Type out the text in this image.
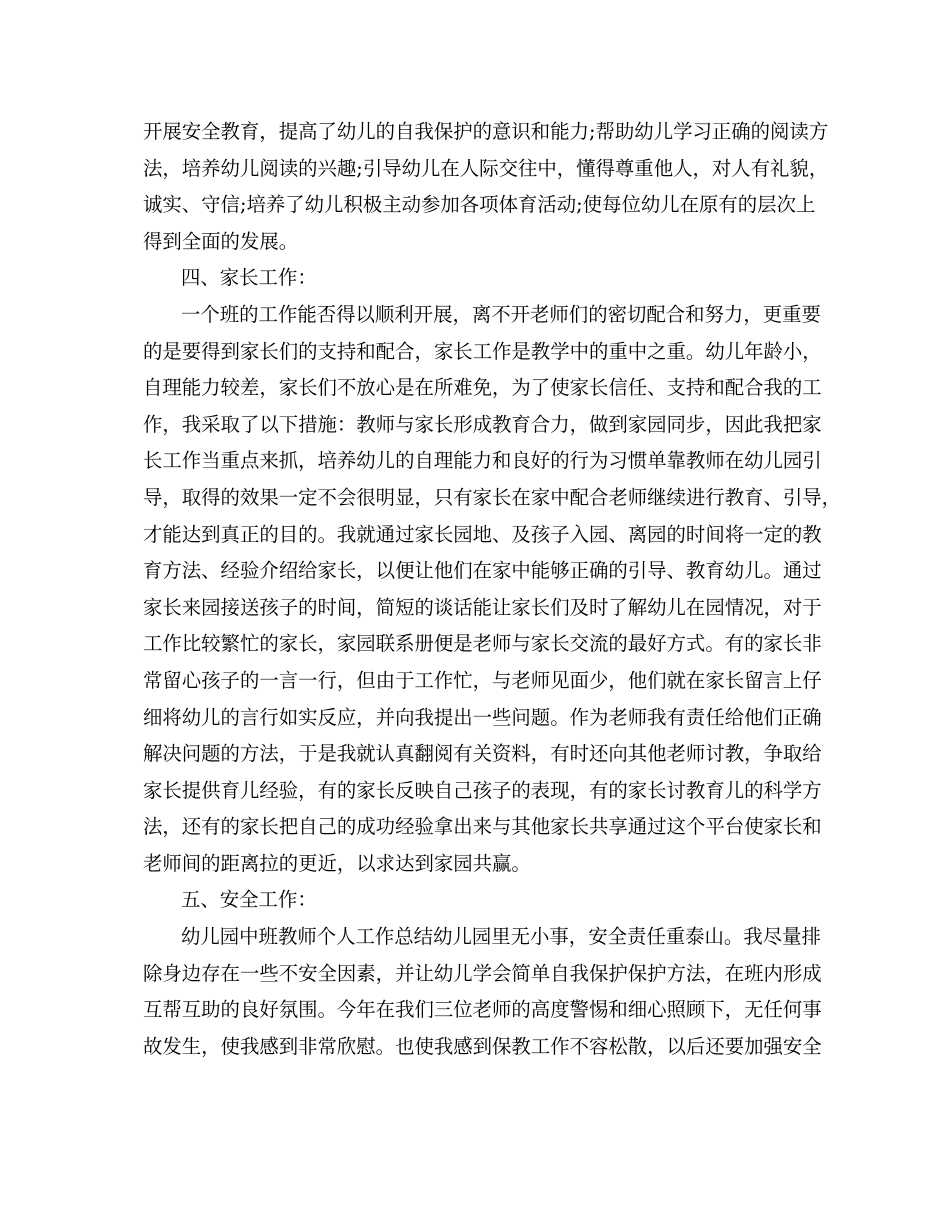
开展安全教育，提高了幼儿的自我保护的意识和能力;帮助幼儿学习正确的阅读方
法，培养幼儿阅读的兴趣;引导幼儿在人际交往中，懂得尊重他人，对人有礼貌，
诚实、守信;培养了幼儿积极主动参加各项体育活动;使每位幼儿在原有的层次上
得到全面的发展。
四、家长工作：
一个班的工作能否得以顺利开展，离不开老师们的密切配合和努力，更重要
的是要得到家长们的支持和配合，家长工作是教学中的重中之重。幼儿年龄小，
自理能力较差，家长们不放心是在所难免，为了使家长信任、支持和配合我的工
作，我采取了以下措施：教师与家长形成教育合力，做到家园同步，因此我把家
长工作当重点来抓，培养幼儿的自理能力和良好的行为习惯单靠教师在幼儿园引
导，取得的效果一定不会很明显，只有家长在家中配合老师继续进行教育、引导，
才能达到真正的目的。我就通过家长园地、及孩子入园、离园的时间将一定的教
育方法、经验介绍给家长，以便让他们在家中能够正确的引导、教育幼儿。通过
家长来园接送孩子的时间，简短的谈话能让家长们及时了解幼儿在园情况，对于
工作比较繁忙的家长，家园联系册便是老师与家长交流的最好方式。有的家长非
常留心孩子的一言一行，但由于工作忙，与老师见面少，他们就在家长留言上仔
细将幼儿的言行如实反应，并向我提出一些问题。作为老师我有责任给他们正确
解决问题的方法，于是我就认真翻阅有关资料，有时还向其他老师讨教，争取给
家长提供育儿经验，有的家长反映自己孩子的表现，有的家长讨教育儿的科学方
法，还有的家长把自己的成功经验拿出来与其他家长共享通过这个平台使家长和
老师间的距离拉的更近，以求达到家园共赢。
五、安全工作：
幼儿园中班教师个人工作总结幼儿园里无小事，安全责任重泰山。我尽量排
除身边存在一些不安全因素，并让幼儿学会简单自我保护保护方法，在班内形成
互帮互助的良好氛围。今年在我们三位老师的高度警惕和细心照顾下，无任何事
故发生，使我感到非常欣慰。也使我感到保教工作不容松散，以后还要加强安全
